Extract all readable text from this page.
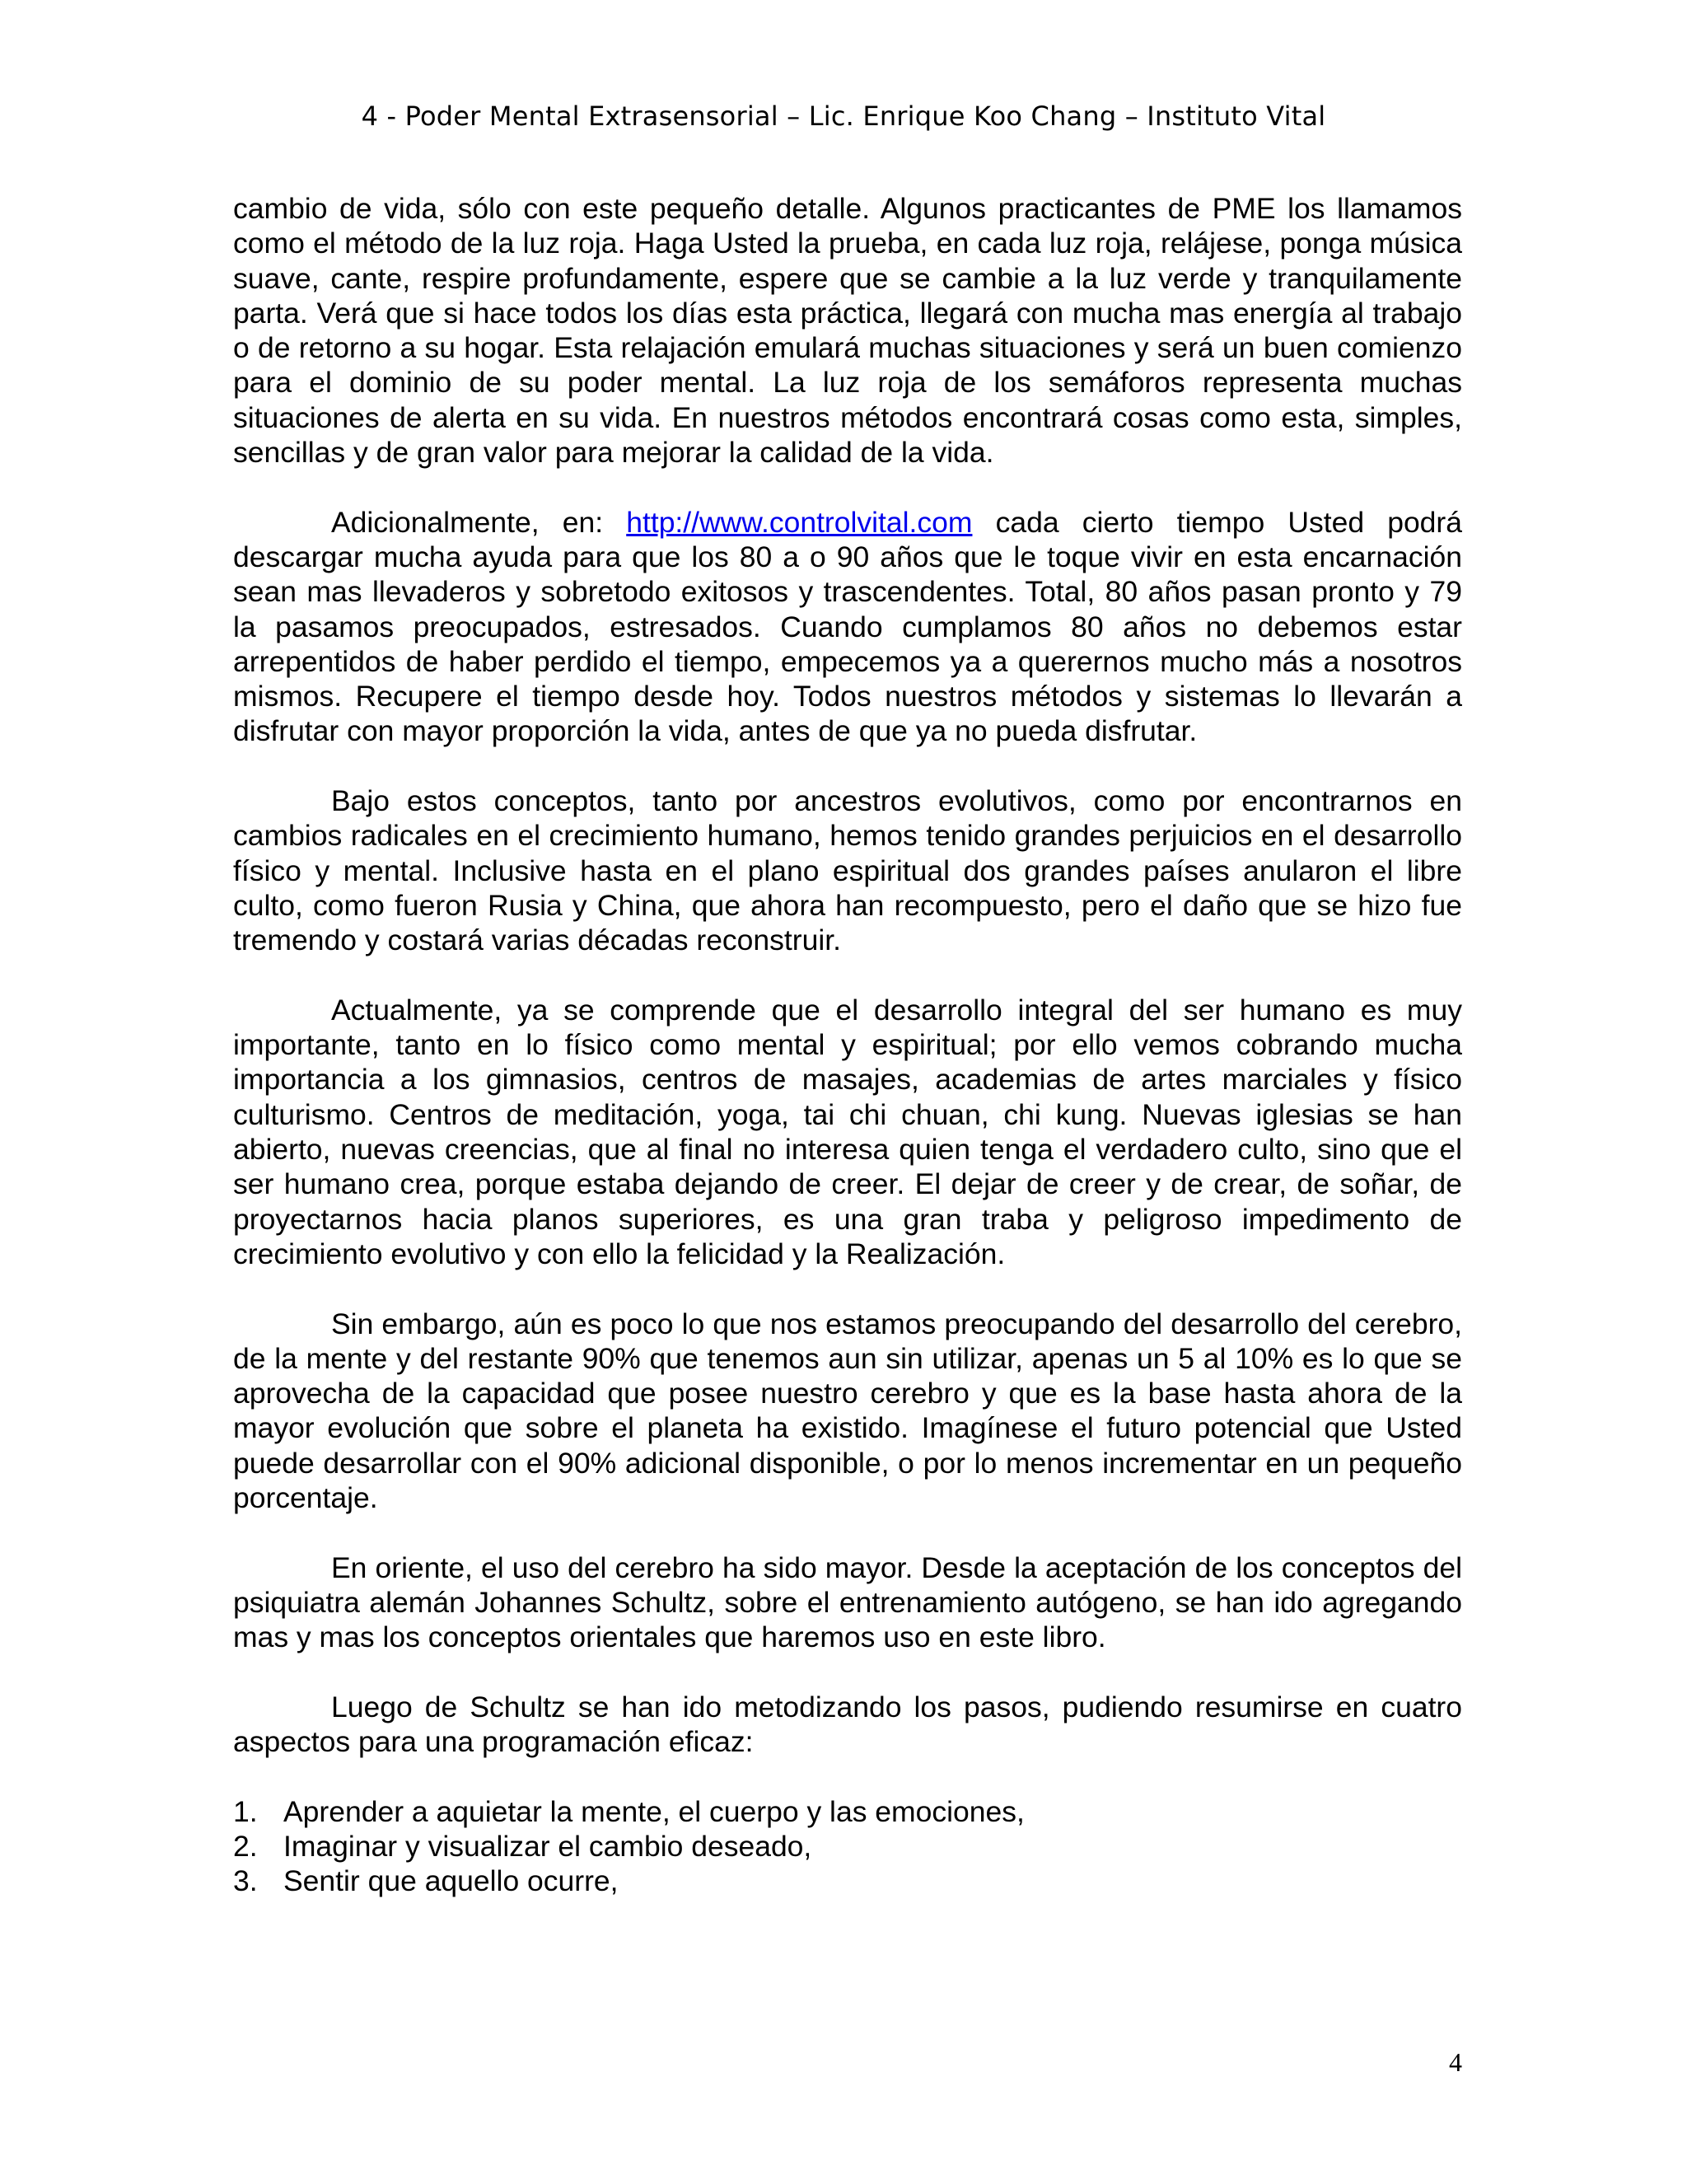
4 - Poder Mental Extrasensorial – Lic. Enrique Koo Chang – Instituto Vital

cambio de vida, sólo con este pequeño detalle. Algunos practicantes de PME los llamamos como el método de la luz roja. Haga Usted la prueba, en cada luz roja, relájese, ponga música suave, cante, respire profundamente, espere que se cambie a la luz verde y tranquilamente parta. Verá que si hace todos los días esta práctica, llegará con mucha mas energía al trabajo o de retorno a su hogar. Esta relajación emulará muchas situaciones y será un buen comienzo para el dominio de su poder mental. La luz roja de los semáforos representa muchas situaciones de alerta en su vida. En nuestros métodos encontrará cosas como esta, simples, sencillas y de gran valor para mejorar la calidad de la vida.

Adicionalmente, en: http://www.controlvital.com cada cierto tiempo Usted podrá descargar mucha ayuda para que los 80 a o 90 años que le toque vivir en esta encarnación sean mas llevaderos y sobretodo exitosos y trascendentes. Total, 80 años pasan pronto y 79 la pasamos preocupados, estresados. Cuando cumplamos 80 años no debemos estar arrepentidos de haber perdido el tiempo, empecemos ya a querernos mucho más a nosotros mismos. Recupere el tiempo desde hoy. Todos nuestros métodos y sistemas lo llevarán a disfrutar con mayor proporción la vida, antes de que ya no pueda disfrutar.

Bajo estos conceptos, tanto por ancestros evolutivos, como por encontrarnos en cambios radicales en el crecimiento humano, hemos tenido grandes perjuicios en el desarrollo físico y mental. Inclusive hasta en el plano espiritual dos grandes países anularon el libre culto, como fueron Rusia y China, que ahora han recompuesto, pero el daño que se hizo fue tremendo y costará varias décadas reconstruir.

Actualmente, ya se comprende que el desarrollo integral del ser humano es muy importante, tanto en lo físico como mental y espiritual; por ello vemos cobrando mucha importancia a los gimnasios, centros de masajes, academias de artes marciales y físico culturismo. Centros de meditación, yoga, tai chi chuan, chi kung. Nuevas iglesias se han abierto, nuevas creencias, que al final no interesa quien tenga el verdadero culto, sino que el ser humano crea, porque estaba dejando de creer. El dejar de creer y de crear, de soñar, de proyectarnos hacia planos superiores, es una gran traba y peligroso impedimento de crecimiento evolutivo y con ello la felicidad y la Realización.

Sin embargo, aún es poco lo que nos estamos preocupando del desarrollo del cerebro, de la mente y del restante 90% que tenemos aun sin utilizar, apenas un 5 al 10% es lo que se aprovecha de la capacidad que posee nuestro cerebro y que es la base hasta ahora de la mayor evolución que sobre el planeta ha existido. Imagínese el futuro potencial que Usted puede desarrollar con el 90% adicional disponible, o por lo menos incrementar en un pequeño porcentaje.

En oriente, el uso del cerebro ha sido mayor. Desde la aceptación de los conceptos del psiquiatra alemán Johannes Schultz, sobre el entrenamiento autógeno, se han ido agregando mas y mas los conceptos orientales que haremos uso en este libro.

Luego de Schultz se han ido metodizando los pasos, pudiendo resumirse en cuatro aspectos para una programación eficaz:

1. Aprender a aquietar la mente, el cuerpo y las emociones,
2. Imaginar y visualizar el cambio deseado,
3. Sentir que aquello ocurre,
4
